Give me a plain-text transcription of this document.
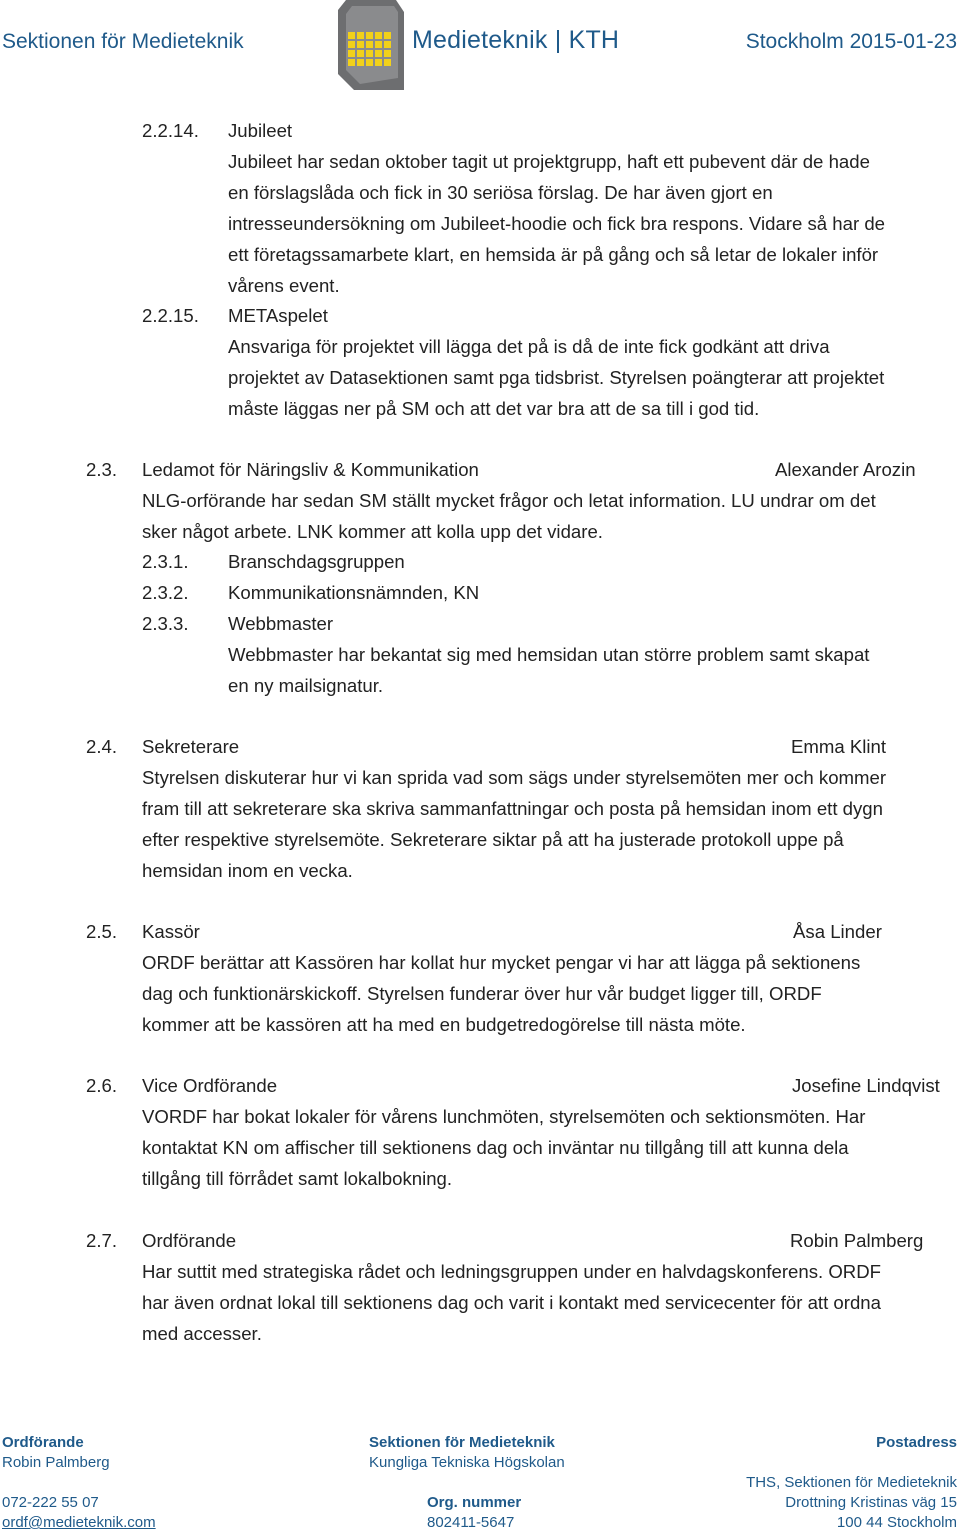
Sektionen för Medieteknik	Medieteknik | KTH	Stockholm 2015-01-23
2.2.14. Jubileet
Jubileet har sedan oktober tagit ut projektgrupp, haft ett pubevent där de hade
en förslagslåda och fick in 30 seriösa förslag. De har även gjort en
intresseundersökning om Jubileet-hoodie och fick bra respons. Vidare så har de
ett företagssamarbete klart, en hemsida är på gång och så letar de lokaler inför
vårens event.
2.2.15. METAspelet
Ansvariga för projektet vill lägga det på is då de inte fick godkänt att driva
projektet av Datasektionen samt pga tidsbrist. Styrelsen poängterar att projektet
måste läggas ner på SM och att det var bra att de sa till i god tid.
2.3. Ledamot för Näringsliv & Kommunikation	Alexander Arozin
NLG-orförande har sedan SM ställt mycket frågor och letat information. LU undrar om det
sker något arbete. LNK kommer att kolla upp det vidare.
2.3.1. Branschdagsgruppen
2.3.2. Kommunikationsnämnden, KN
2.3.3. Webbmaster
Webbmaster har bekantat sig med hemsidan utan större problem samt skapat
en ny mailsignatur.
2.4. Sekreterare	Emma Klint
Styrelsen diskuterar hur vi kan sprida vad som sägs under styrelsemöten mer och kommer
fram till att sekreterare ska skriva sammanfattningar och posta på hemsidan inom ett dygn
efter respektive styrelsemöte. Sekreterare siktar på att ha justerade protokoll uppe på
hemsidan inom en vecka.
2.5. Kassör	Åsa Linder
ORDF berättar att Kassören har kollat hur mycket pengar vi har att lägga på sektionens
dag och funktionärskickoff. Styrelsen funderar över hur vår budget ligger till, ORDF
kommer att be kassören att ha med en budgetredogörelse till nästa möte.
2.6. Vice Ordförande	Josefine Lindqvist
VORDF har bokat lokaler för vårens lunchmöten, styrelsemöten och sektionsmöten. Har
kontaktat KN om affischer till sektionens dag och inväntar nu tillgång till att kunna dela
tillgång till förrådet samt lokalbokning.
2.7. Ordförande	Robin Palmberg
Har suttit med strategiska rådet och ledningsgruppen under en halvdagskonferens. ORDF
har även ordnat lokal till sektionens dag och varit i kontakt med servicecenter för att ordna
med accesser.
Ordförande
Robin Palmberg
072-222 55 07
ordf@medieteknik.com
Sektionen för Medieteknik
Kungliga Tekniska Högskolan
Org. nummer
802411-5647
Postadress
THS, Sektionen för Medieteknik
Drottning Kristinas väg 15
100 44 Stockholm
